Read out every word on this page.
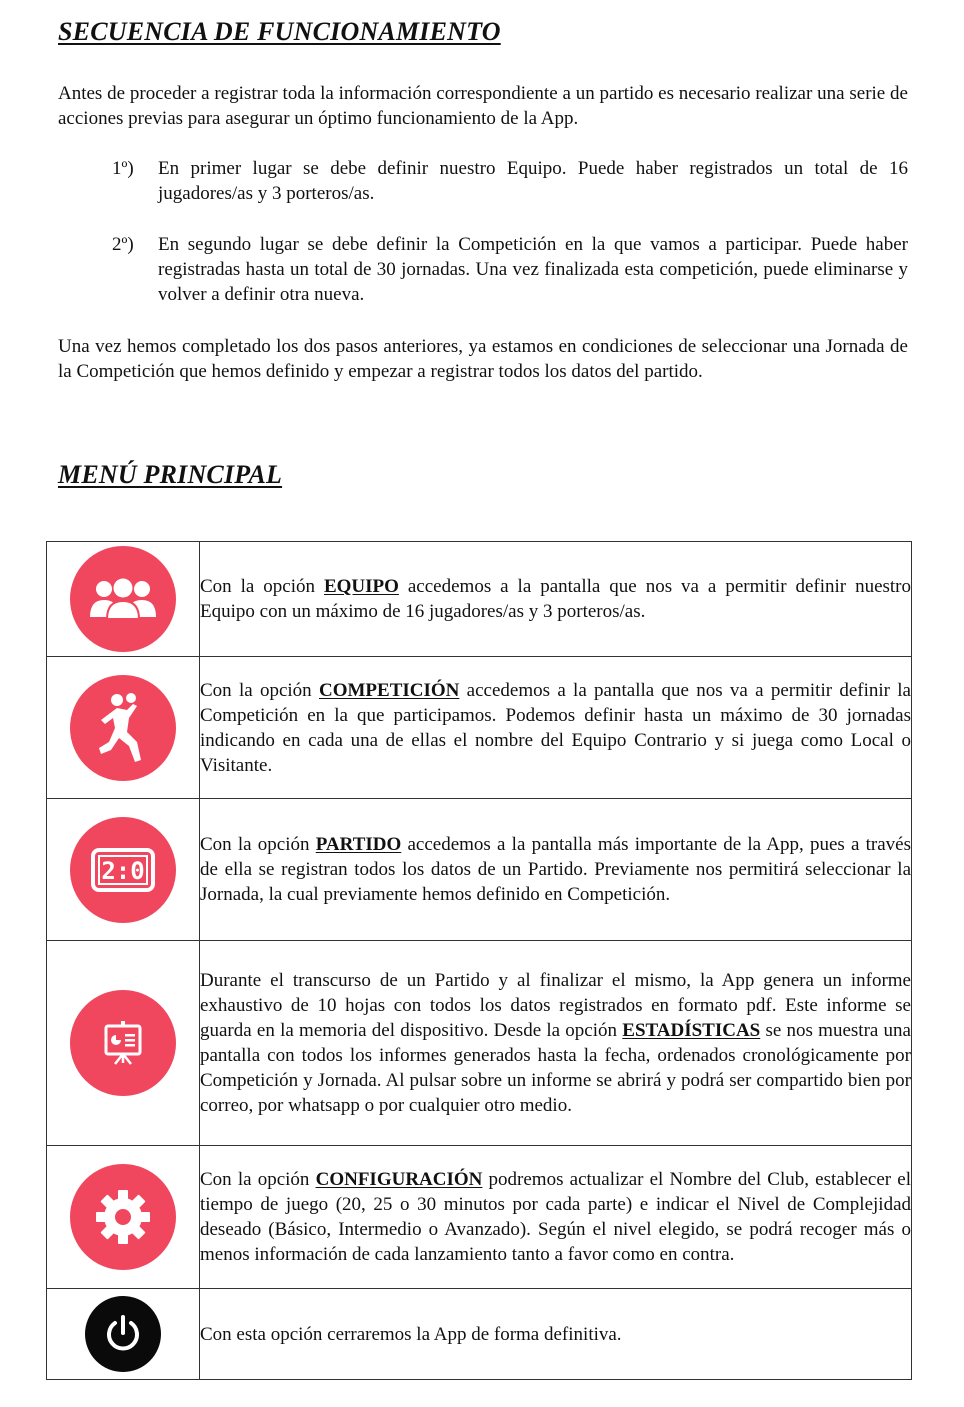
SECUENCIA DE FUNCIONAMIENTO

Antes de proceder a registrar toda la información correspondiente a un partido es necesario realizar una serie de acciones previas para asegurar un óptimo funcionamiento de la App.

1º)	En primer lugar se debe definir nuestro Equipo. Puede haber registrados un total de 16 jugadores/as y 3 porteros/as.

2º)	En segundo lugar se debe definir la Competición en la que vamos a participar. Puede haber registradas hasta un total de 30 jornadas. Una vez finalizada esta competición, puede eliminarse y volver a definir otra nueva.

Una vez hemos completado los dos pasos anteriores, ya estamos en condiciones de seleccionar una Jornada de la Competición que hemos definido y empezar a registrar todos los datos del partido.

MENÚ PRINCIPAL

Con la opción EQUIPO accedemos a la pantalla que nos va a permitir definir nuestro Equipo con un máximo de 16 jugadores/as y 3 porteros/as.

Con la opción COMPETICIÓN accedemos a la pantalla que nos va a permitir definir la Competición en la que participamos. Podemos definir hasta un máximo de 30 jornadas indicando en cada una de ellas el nombre del Equipo Contrario y si juega como Local o Visitante.

2:0	Con la opción PARTIDO accedemos a la pantalla más importante de la App, pues a través de ella se registran todos los datos de un Partido. Previamente nos permitirá seleccionar la Jornada, la cual previamente hemos definido en Competición.

Durante el transcurso de un Partido y al finalizar el mismo, la App genera un informe exhaustivo de 10 hojas con todos los datos registrados en formato pdf. Este informe se guarda en la memoria del dispositivo. Desde la opción ESTADÍSTICAS se nos muestra una pantalla con todos los informes generados hasta la fecha, ordenados cronológicamente por Competición y Jornada. Al pulsar sobre un informe se abrirá y podrá ser compartido bien por correo, por whatsapp o por cualquier otro medio.

Con la opción CONFIGURACIÓN podremos actualizar el Nombre del Club, establecer el tiempo de juego (20, 25 o 30 minutos por cada parte) e indicar el Nivel de Complejidad deseado (Básico, Intermedio o Avanzado). Según el nivel elegido, se podrá recoger más o menos información de cada lanzamiento tanto a favor como en contra.

Con esta opción cerraremos la App de forma definitiva.
